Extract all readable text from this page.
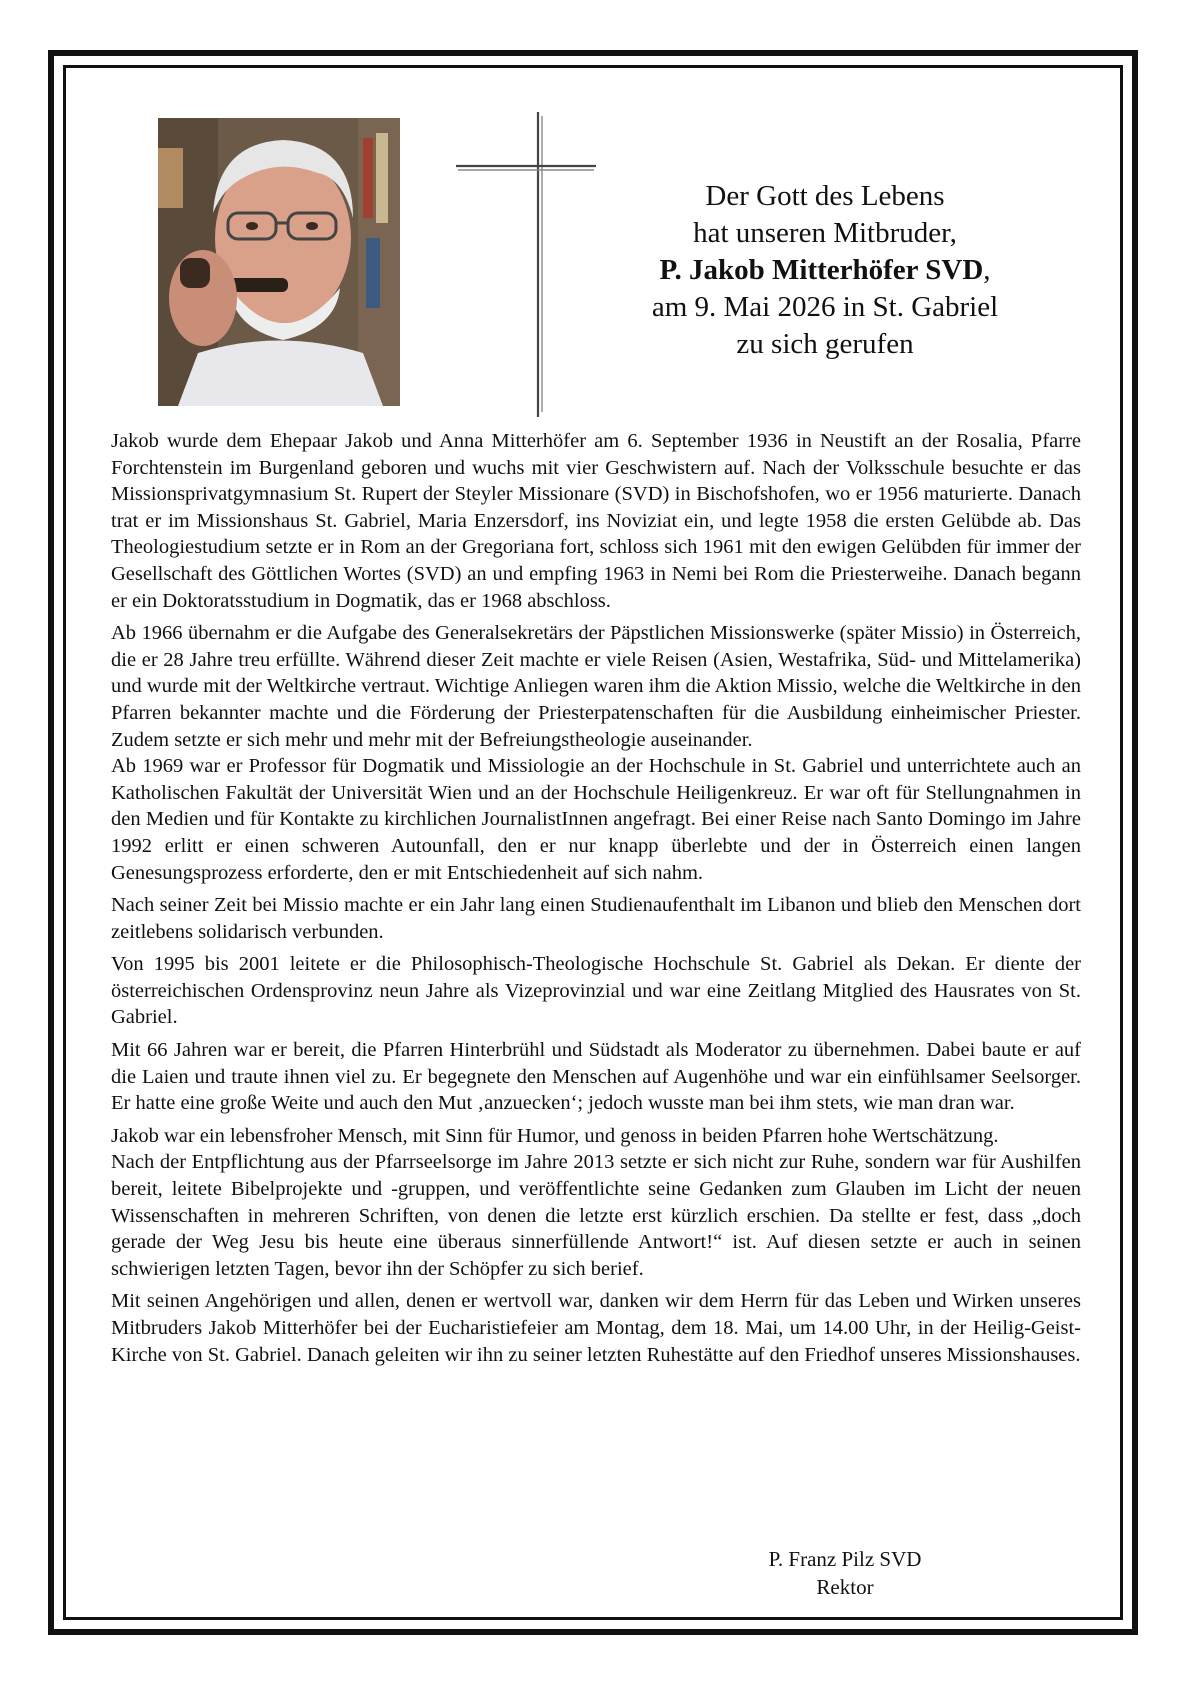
Der Gott des Lebens
hat unseren Mitbruder,
P. Jakob Mitterhöfer SVD,
am 9. Mai 2026 in St. Gabriel
zu sich gerufen

Jakob wurde dem Ehepaar Jakob und Anna Mitterhöfer am 6. September 1936 in Neustift an der Rosalia, Pfarre Forchtenstein im Burgenland geboren und wuchs mit vier Geschwistern auf. Nach der Volksschule besuchte er das Missionsprivatgymnasium St. Rupert der Steyler Missionare (SVD) in Bischofshofen, wo er 1956 maturierte. Danach trat er im Missionshaus St. Gabriel, Maria Enzersdorf, ins Noviziat ein, und legte 1958 die ersten Gelübde ab. Das Theologiestudium setzte er in Rom an der Gregoriana fort, schloss sich 1961 mit den ewigen Gelübden für immer der Gesellschaft des Göttlichen Wortes (SVD) an und empfing 1963 in Nemi bei Rom die Priesterweihe. Danach begann er ein Doktoratsstudium in Dogmatik, das er 1968 abschloss.

Ab 1966 übernahm er die Aufgabe des Generalsekretärs der Päpstlichen Missionswerke (später Missio) in Österreich, die er 28 Jahre treu erfüllte. Während dieser Zeit machte er viele Reisen (Asien, Westafrika, Süd- und Mittelamerika) und wurde mit der Weltkirche vertraut. Wichtige Anliegen waren ihm die Aktion Missio, welche die Weltkirche in den Pfarren bekannter machte und die Förderung der Priesterpatenschaften für die Ausbildung einheimischer Priester. Zudem setzte er sich mehr und mehr mit der Befreiungstheologie auseinander.

Ab 1969 war er Professor für Dogmatik und Missiologie an der Hochschule in St. Gabriel und unterrichtete auch an Katholischen Fakultät der Universität Wien und an der Hochschule Heiligenkreuz. Er war oft für Stellungnahmen in den Medien und für Kontakte zu kirchlichen JournalistInnen angefragt. Bei einer Reise nach Santo Domingo im Jahre 1992 erlitt er einen schweren Autounfall, den er nur knapp überlebte und der in Österreich einen langen Genesungsprozess erforderte, den er mit Entschiedenheit auf sich nahm.

Nach seiner Zeit bei Missio machte er ein Jahr lang einen Studienaufenthalt im Libanon und blieb den Menschen dort zeitlebens solidarisch verbunden.

Von 1995 bis 2001 leitete er die Philosophisch-Theologische Hochschule St. Gabriel als Dekan. Er diente der österreichischen Ordensprovinz neun Jahre als Vizeprovinzial und war eine Zeitlang Mitglied des Hausrates von St. Gabriel.

Mit 66 Jahren war er bereit, die Pfarren Hinterbrühl und Südstadt als Moderator zu übernehmen. Dabei baute er auf die Laien und traute ihnen viel zu. Er begegnete den Menschen auf Augenhöhe und war ein einfühlsamer Seelsorger. Er hatte eine große Weite und auch den Mut ‚anzuecken‘; jedoch wusste man bei ihm stets, wie man dran war.

Jakob war ein lebensfroher Mensch, mit Sinn für Humor, und genoss in beiden Pfarren hohe Wertschätzung.

Nach der Entpflichtung aus der Pfarrseelsorge im Jahre 2013 setzte er sich nicht zur Ruhe, sondern war für Aushilfen bereit, leitete Bibelprojekte und -gruppen, und veröffentlichte seine Gedanken zum Glauben im Licht der neuen Wissenschaften in mehreren Schriften, von denen die letzte erst kürzlich erschien. Da stellte er fest, dass „doch gerade der Weg Jesu bis heute eine überaus sinnerfüllende Antwort!“ ist. Auf diesen setzte er auch in seinen schwierigen letzten Tagen, bevor ihn der Schöpfer zu sich berief.

Mit seinen Angehörigen und allen, denen er wertvoll war, danken wir dem Herrn für das Leben und Wirken unseres Mitbruders Jakob Mitterhöfer bei der Eucharistiefeier am Montag, dem 18. Mai, um 14.00 Uhr, in der Heilig-Geist-Kirche von St. Gabriel. Danach geleiten wir ihn zu seiner letzten Ruhestätte auf den Friedhof unseres Missionshauses.

P. Franz Pilz SVD
Rektor
